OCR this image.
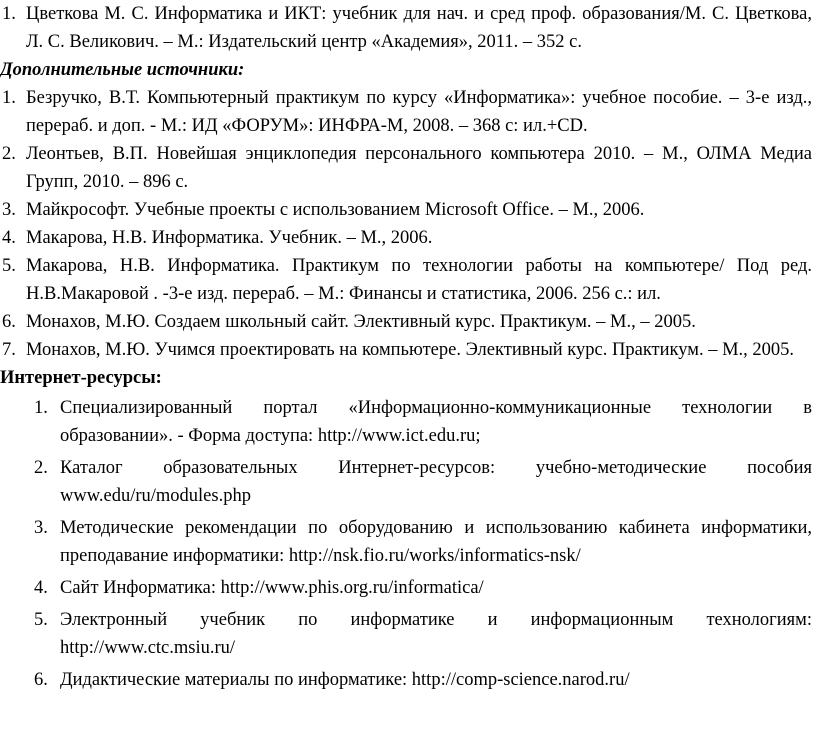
1. Цветкова М. С. Информатика и ИКТ: учебник для нач. и сред проф. образования/М. С. Цветкова, Л. С. Великович. – М.: Издательский центр «Академия», 2011. – 352 с.

Дополнительные источники:

1. Безручко, В.Т. Компьютерный практикум по курсу «Информатика»: учебное пособие. – 3-е изд., перераб. и доп. - М.: ИД «ФОРУМ»: ИНФРА-М, 2008. – 368 с: ил.+CD.
2. Леонтьев, В.П. Новейшая энциклопедия персонального компьютера 2010. – М., ОЛМА Медиа Групп, 2010. – 896 с.
3. Майкрософт. Учебные проекты с использованием Microsoft Office. – М., 2006.
4. Макарова, Н.В. Информатика. Учебник. – М., 2006.
5. Макарова, Н.В. Информатика. Практикум по технологии работы на компьютере/ Под ред. Н.В.Макаровой . -3-е изд. перераб. – М.: Финансы и статистика, 2006. 256 с.: ил.
6. Монахов, М.Ю. Создаем школьный сайт. Элективный курс. Практикум. – М., – 2005.
7. Монахов, М.Ю. Учимся проектировать на компьютере. Элективный курс. Практикум. – М., 2005.

Интернет-ресурсы:

1. Специализированный портал «Информационно-коммуникационные технологии в образовании». - Форма доступа: http://www.ict.edu.ru;
2. Каталог образовательных Интернет-ресурсов: учебно-методические пособия www.edu/ru/modules.php
3. Методические рекомендации по оборудованию и использованию кабинета информатики, преподавание информатики: http://nsk.fio.ru/works/informatics-nsk/
4. Сайт Информатика: http://www.phis.org.ru/informatica/
5. Электронный учебник по информатике и информационным технологиям: http://www.ctc.msiu.ru/
6. Дидактические материалы по информатике: http://comp-science.narod.ru/
